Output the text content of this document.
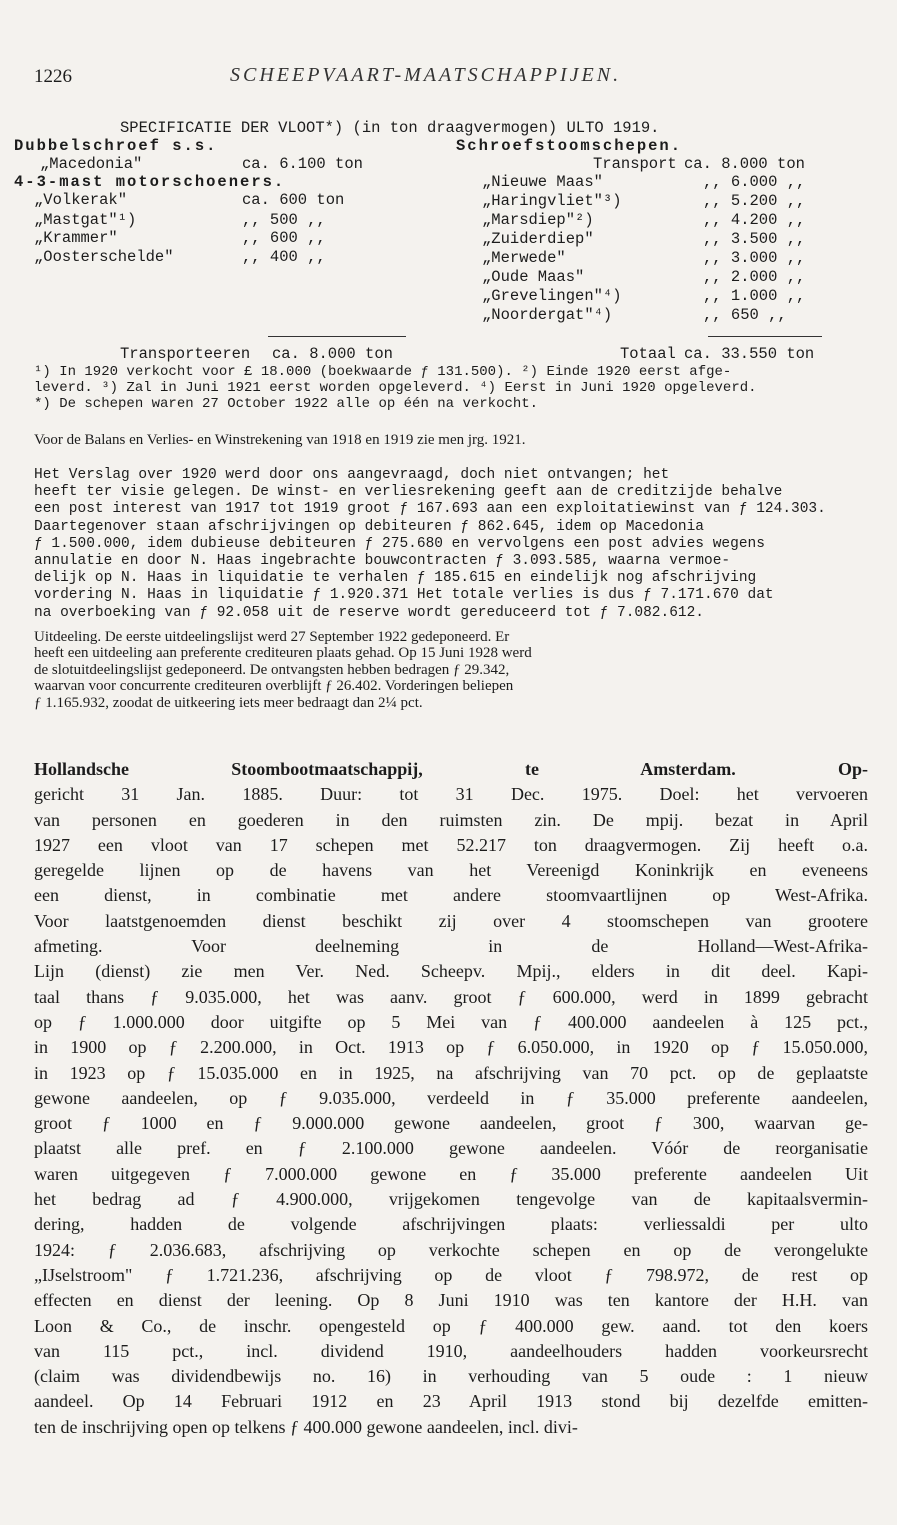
1226	SCHEEPVAART-MAATSCHAPPIJEN.
SPECIFICATIE DER VLOOT*) (in ton draagvermogen) ULTO 1919.
Dubbelschroef s.s.
„Macedonia"	ca. 6.100 ton
4-3-mast motorschoeners.
„Volkerak"	ca. 600 ton
„Mastgat"¹)	,, 500 ,,
„Krammer"	,, 600 ,,
„Oosterschelde"	,, 400 ,,
Schroefstoomschepen.
Transport ca. 8.000 ton
„Nieuwe Maas"	,, 6.000 ,,
„Haringvliet"³)	,, 5.200 ,,
„Marsdiep"²)	,, 4.200 ,,
„Zuiderdiep"	,, 3.500 ,,
„Merwede"	,, 3.000 ,,
„Oude Maas"	,, 2.000 ,,
„Grevelingen"⁴)	,, 1.000 ,,
„Noordergat"⁴)	,, 650 ,,
Transporteeren ca. 8.000 ton	Totaal ca. 33.550 ton
¹) In 1920 verkocht voor £ 18.000 (boekwaarde ƒ 131.500). ²) Einde 1920 eerst afge-
leverd. ³) Zal in Juni 1921 eerst worden opgeleverd. ⁴) Eerst in Juni 1920 opgeleverd.
*) De schepen waren 27 October 1922 alle op één na verkocht.
Voor de Balans en Verlies- en Winstrekening van 1918 en 1919 zie men jrg. 1921.
Het Verslag over 1920 werd door ons aangevraagd, doch niet ontvangen; het
heeft ter visie gelegen. De winst- en verliesrekening geeft aan de creditzijde behalve
een post interest van 1917 tot 1919 groot ƒ 167.693 aan een exploitatiewinst van ƒ 124.303.
Daartegenover staan afschrijvingen op debiteuren ƒ 862.645, idem op Macedonia
ƒ 1.500.000, idem dubieuse debiteuren ƒ 275.680 en vervolgens een post advies wegens
annulatie en door N. Haas ingebrachte bouwcontracten ƒ 3.093.585, waarna vermoe-
delijk op N. Haas in liquidatie te verhalen ƒ 185.615 en eindelijk nog afschrijving
vordering N. Haas in liquidatie ƒ 1.920.371 Het totale verlies is dus ƒ 7.171.670 dat
na overboeking van ƒ 92.058 uit de reserve wordt gereduceerd tot ƒ 7.082.612.
Uitdeeling. De eerste uitdeelingslijst werd 27 September 1922 gedeponeerd. Er
heeft een uitdeeling aan preferente crediteuren plaats gehad. Op 15 Juni 1928 werd
de slotuitdeelingslijst gedeponeerd. De ontvangsten hebben bedragen ƒ 29.342,
waarvan voor concurrente crediteuren overblijft ƒ 26.402. Vorderingen beliepen
ƒ 1.165.932, zoodat de uitkeering iets meer bedraagt dan 2¼ pct.
Hollandsche Stoombootmaatschappij, te Amsterdam. Op-
gericht 31 Jan. 1885. Duur: tot 31 Dec. 1975. Doel: het vervoeren
van personen en goederen in den ruimsten zin. De mpij. bezat in April
1927 een vloot van 17 schepen met 52.217 ton draagvermogen. Zij heeft o.a.
geregelde lijnen op de havens van het Vereenigd Koninkrijk en eveneens
een dienst, in combinatie met andere stoomvaartlijnen op West-Afrika.
Voor laatstgenoemden dienst beschikt zij over 4 stoomschepen van grootere
afmeting. Voor deelneming in de Holland—West-Afrika-
Lijn (dienst) zie men Ver. Ned. Scheepv. Mpij., elders in dit deel. Kapi-
taal thans ƒ 9.035.000, het was aanv. groot ƒ 600.000, werd in 1899 gebracht
op ƒ 1.000.000 door uitgifte op 5 Mei van ƒ 400.000 aandeelen à 125 pct.,
in 1900 op ƒ 2.200.000, in Oct. 1913 op ƒ 6.050.000, in 1920 op ƒ 15.050.000,
in 1923 op ƒ 15.035.000 en in 1925, na afschrijving van 70 pct. op de geplaatste
gewone aandeelen, op ƒ 9.035.000, verdeeld in ƒ 35.000 preferente aandeelen,
groot ƒ 1000 en ƒ 9.000.000 gewone aandeelen, groot ƒ 300, waarvan ge-
plaatst alle pref. en ƒ 2.100.000 gewone aandeelen. Vóór de reorganisatie
waren uitgegeven ƒ 7.000.000 gewone en ƒ 35.000 preferente aandeelen Uit
het bedrag ad ƒ 4.900.000, vrijgekomen tengevolge van de kapitaalsvermin-
dering, hadden de volgende afschrijvingen plaats: verliessaldi per ulto
1924: ƒ 2.036.683, afschrijving op verkochte schepen en op de verongelukte
„IJselstroom" ƒ 1.721.236, afschrijving op de vloot ƒ 798.972, de rest op
effecten en dienst der leening. Op 8 Juni 1910 was ten kantore der H.H. van
Loon & Co., de inschr. opengesteld op ƒ 400.000 gew. aand. tot den koers
van 115 pct., incl. dividend 1910, aandeelhouders hadden voorkeursrecht
(claim was dividendbewijs no. 16) in verhouding van 5 oude : 1 nieuw
aandeel. Op 14 Februari 1912 en 23 April 1913 stond bij dezelfde emitten-
ten de inschrijving open op telkens ƒ 400.000 gewone aandeelen, incl. divi-
